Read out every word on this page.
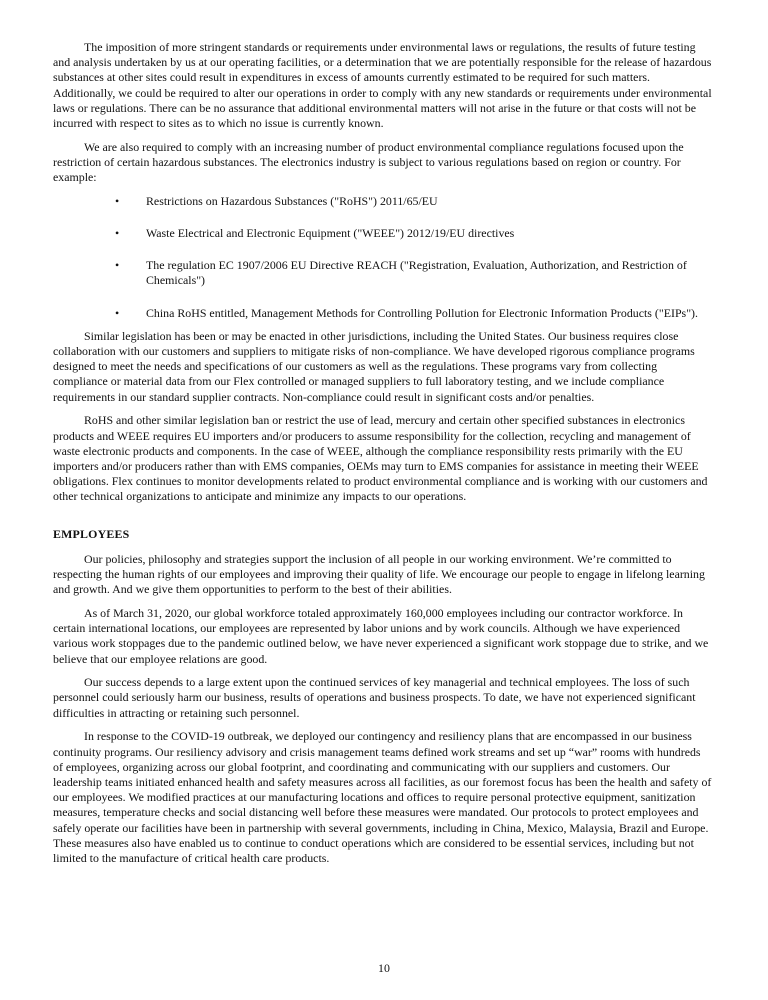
The imposition of more stringent standards or requirements under environmental laws or regulations, the results of future testing and analysis undertaken by us at our operating facilities, or a determination that we are potentially responsible for the release of hazardous substances at other sites could result in expenditures in excess of amounts currently estimated to be required for such matters. Additionally, we could be required to alter our operations in order to comply with any new standards or requirements under environmental laws or regulations. There can be no assurance that additional environmental matters will not arise in the future or that costs will not be incurred with respect to sites as to which no issue is currently known.

We are also required to comply with an increasing number of product environmental compliance regulations focused upon the restriction of certain hazardous substances. The electronics industry is subject to various regulations based on region or country. For example:

• Restrictions on Hazardous Substances ("RoHS") 2011/65/EU
• Waste Electrical and Electronic Equipment ("WEEE") 2012/19/EU directives
• The regulation EC 1907/2006 EU Directive REACH ("Registration, Evaluation, Authorization, and Restriction of Chemicals")
• China RoHS entitled, Management Methods for Controlling Pollution for Electronic Information Products ("EIPs").

Similar legislation has been or may be enacted in other jurisdictions, including the United States. Our business requires close collaboration with our customers and suppliers to mitigate risks of non-compliance. We have developed rigorous compliance programs designed to meet the needs and specifications of our customers as well as the regulations. These programs vary from collecting compliance or material data from our Flex controlled or managed suppliers to full laboratory testing, and we include compliance requirements in our standard supplier contracts. Non-compliance could result in significant costs and/or penalties.

RoHS and other similar legislation ban or restrict the use of lead, mercury and certain other specified substances in electronics products and WEEE requires EU importers and/or producers to assume responsibility for the collection, recycling and management of waste electronic products and components. In the case of WEEE, although the compliance responsibility rests primarily with the EU importers and/or producers rather than with EMS companies, OEMs may turn to EMS companies for assistance in meeting their WEEE obligations. Flex continues to monitor developments related to product environmental compliance and is working with our customers and other technical organizations to anticipate and minimize any impacts to our operations.

EMPLOYEES

Our policies, philosophy and strategies support the inclusion of all people in our working environment. We’re committed to respecting the human rights of our employees and improving their quality of life. We encourage our people to engage in lifelong learning and growth. And we give them opportunities to perform to the best of their abilities.

As of March 31, 2020, our global workforce totaled approximately 160,000 employees including our contractor workforce. In certain international locations, our employees are represented by labor unions and by work councils. Although we have experienced various work stoppages due to the pandemic outlined below, we have never experienced a significant work stoppage due to strike, and we believe that our employee relations are good.

Our success depends to a large extent upon the continued services of key managerial and technical employees. The loss of such personnel could seriously harm our business, results of operations and business prospects. To date, we have not experienced significant difficulties in attracting or retaining such personnel.

In response to the COVID-19 outbreak, we deployed our contingency and resiliency plans that are encompassed in our business continuity programs. Our resiliency advisory and crisis management teams defined work streams and set up “war” rooms with hundreds of employees, organizing across our global footprint, and coordinating and communicating with our suppliers and customers. Our leadership teams initiated enhanced health and safety measures across all facilities, as our foremost focus has been the health and safety of our employees. We modified practices at our manufacturing locations and offices to require personal protective equipment, sanitization measures, temperature checks and social distancing well before these measures were mandated. Our protocols to protect employees and safely operate our facilities have been in partnership with several governments, including in China, Mexico, Malaysia, Brazil and Europe. These measures also have enabled us to continue to conduct operations which are considered to be essential services, including but not limited to the manufacture of critical health care products.

10
